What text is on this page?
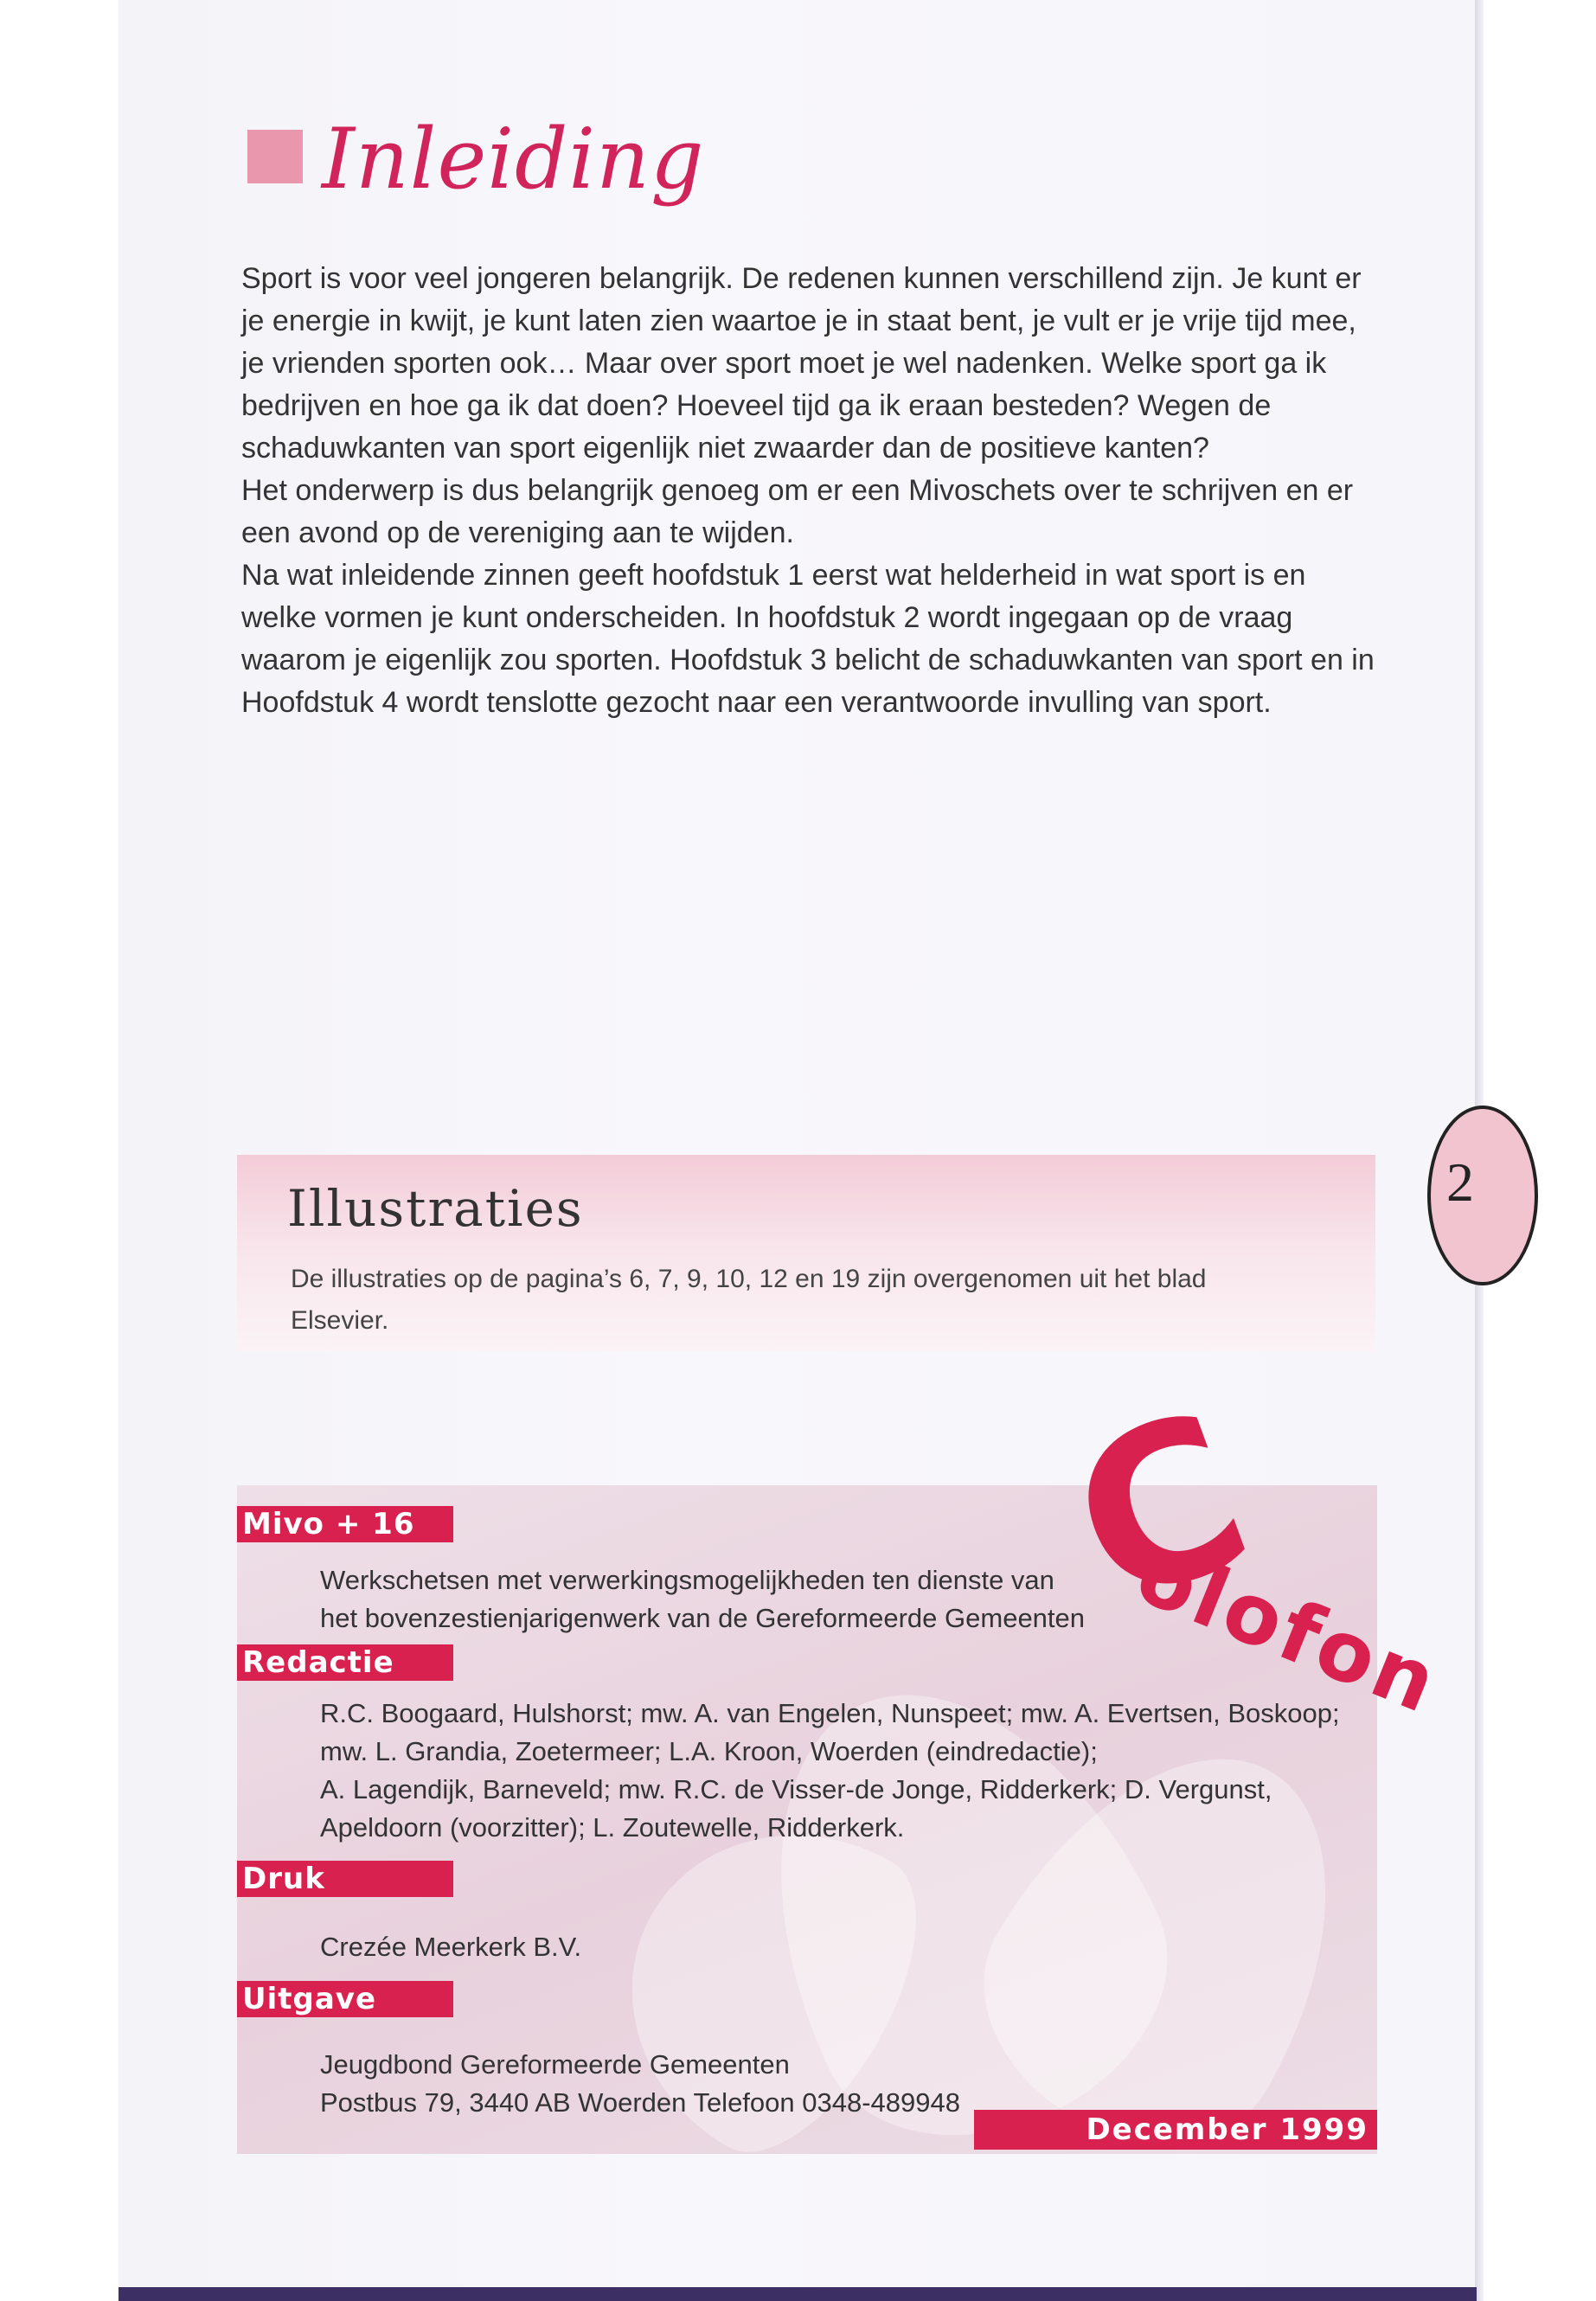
2
Inleiding

Sport is voor veel jongeren belangrijk. De redenen kunnen verschillend zijn. Je kunt er je energie in kwijt, je kunt laten zien waartoe je in staat bent, je vult er je vrije tijd mee, je vrienden sporten ook… Maar over sport moet je wel nadenken. Welke sport ga ik bedrijven en hoe ga ik dat doen? Hoeveel tijd ga ik eraan besteden? Wegen de schaduwkanten van sport eigenlijk niet zwaarder dan de positieve kanten?

Het onderwerp is dus belangrijk genoeg om er een Mivoschets over te schrijven en er een avond op de vereniging aan te wijden.

Na wat inleidende zinnen geeft hoofdstuk 1 eerst wat helderheid in wat sport is en welke vormen je kunt onderscheiden. In hoofdstuk 2 wordt ingegaan op de vraag waarom je eigenlijk zou sporten. Hoofdstuk 3 belicht de schaduwkanten van sport en in Hoofdstuk 4 wordt tenslotte gezocht naar een verantwoorde invulling van sport.

Illustraties
De illustraties op de pagina’s 6, 7, 9, 10, 12 en 19 zijn overgenomen uit het blad Elsevier.
Mivo + 16
Werkschetsen met verwerkingsmogelijkheden ten dienste van
het bovenzestienjarigenwerk van de Gereformeerde Gemeenten
Redactie
R.C. Boogaard, Hulshorst; mw. A. van Engelen, Nunspeet; mw. A. Evertsen, Boskoop;
mw. L. Grandia, Zoetermeer; L.A. Kroon, Woerden (eindredactie);
A. Lagendijk, Barneveld; mw. R.C. de Visser-de Jonge, Ridderkerk; D. Vergunst,
Apeldoorn (voorzitter); L. Zoutewelle, Ridderkerk.
Druk
Crezée Meerkerk B.V.
Uitgave
Jeugdbond Gereformeerde Gemeenten
Postbus 79, 3440 AB Woerden Telefoon 0348-489948
December 1999
C
olofon
